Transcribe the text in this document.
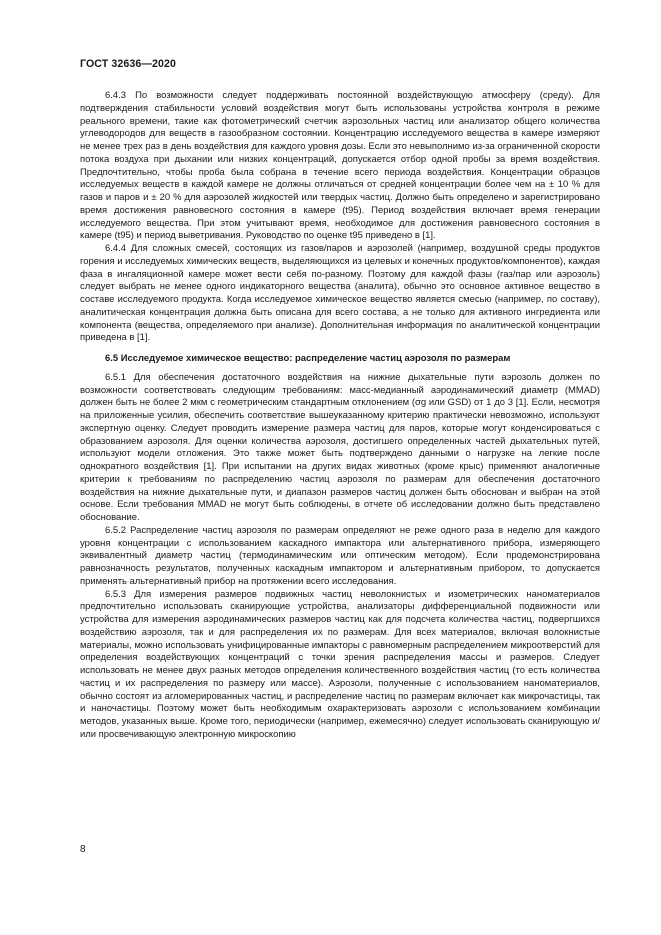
ГОСТ 32636—2020

6.4.3 По возможности следует поддерживать постоянной воздействующую атмосферу (среду). Для подтверждения стабильности условий воздействия могут быть использованы устройства контроля в режиме реального времени, такие как фотометрический счетчик аэрозольных частиц или анализатор общего количества углеводородов для веществ в газообразном состоянии. Концентрацию исследуемого вещества в камере измеряют не менее трех раз в день воздействия для каждого уровня дозы. Если это невыполнимо из-за ограниченной скорости потока воздуха при дыхании или низких концентраций, допускается отбор одной пробы за время воздействия. Предпочтительно, чтобы проба была собрана в течение всего периода воздействия. Концентрации образцов исследуемых веществ в каждой камере не должны отличаться от средней концентрации более чем на ± 10 % для газов и паров и ± 20 % для аэрозолей жидкостей или твердых частиц. Должно быть определено и зарегистрировано время достижения равновесного состояния в камере (t95). Период воздействия включает время генерации исследуемого вещества. При этом учитывают время, необходимое для достижения равновесного состояния в камере (t95) и период выветривания. Руководство по оценке t95 приведено в [1].

6.4.4 Для сложных смесей, состоящих из газов/паров и аэрозолей (например, воздушной среды продуктов горения и исследуемых химических веществ, выделяющихся из целевых и конечных продуктов/компонентов), каждая фаза в ингаляционной камере может вести себя по-разному. Поэтому для каждой фазы (газ/пар или аэрозоль) следует выбрать не менее одного индикаторного вещества (аналита), обычно это основное активное вещество в составе исследуемого продукта. Когда исследуемое химическое вещество является смесью (например, по составу), аналитическая концентрация должна быть описана для всего состава, а не только для активного ингредиента или компонента (вещества, определяемого при анализе). Дополнительная информация по аналитической концентрации приведена в [1].

6.5 Исследуемое химическое вещество: распределение частиц аэрозоля по размерам

6.5.1 Для обеспечения достаточного воздействия на нижние дыхательные пути аэрозоль должен по возможности соответствовать следующим требованиям: масс-медианный аэродинамический диаметр (MMAD) должен быть не более 2 мкм с геометрическим стандартным отклонением (σg или GSD) от 1 до 3 [1]. Если, несмотря на приложенные усилия, обеспечить соответствие вышеуказанному критерию практически невозможно, используют экспертную оценку. Следует проводить измерение размера частиц для паров, которые могут конденсироваться с образованием аэрозоля. Для оценки количества аэрозоля, достигшего определенных частей дыхательных путей, используют модели отложения. Это также может быть подтверждено данными о нагрузке на легкие после однократного воздействия [1]. При испытании на других видах животных (кроме крыс) применяют аналогичные критерии к требованиям по распределению частиц аэрозоля по размерам для обеспечения достаточного воздействия на нижние дыхательные пути, и диапазон размеров частиц должен быть обоснован и выбран на этой основе. Если требования MMAD не могут быть соблюдены, в отчете об исследовании должно быть представлено обоснование.

6.5.2 Распределение частиц аэрозоля по размерам определяют не реже одного раза в неделю для каждого уровня концентрации с использованием каскадного импактора или альтернативного прибора, измеряющего эквивалентный диаметр частиц (термодинамическим или оптическим методом). Если продемонстрирована равнозначность результатов, полученных каскадным импактором и альтернативным прибором, то допускается применять альтернативный прибор на протяжении всего исследования.

6.5.3 Для измерения размеров подвижных частиц неволокнистых и изометрических наноматериалов предпочтительно использовать сканирующие устройства, анализаторы дифференциальной подвижности или устройства для измерения аэродинамических размеров частиц как для подсчета количества частиц, подвергшихся воздействию аэрозоля, так и для распределения их по размерам. Для всех материалов, включая волокнистые материалы, можно использовать унифицированные импакторы с равномерным распределением микроотверстий для определения воздействующих концентраций с точки зрения распределения массы и размеров. Следует использовать не менее двух разных методов определения количественного воздействия частиц (то есть количества частиц и их распределения по размеру или массе). Аэрозоли, полученные с использованием наноматериалов, обычно состоят из агломерированных частиц, и распределение частиц по размерам включает как микрочастицы, так и наночастицы. Поэтому может быть необходимым охарактеризовать аэрозоли с использованием комбинации методов, указанных выше. Кроме того, периодически (например, ежемесячно) следует использовать сканирующую и/или просвечивающую электронную микроскопию

8
